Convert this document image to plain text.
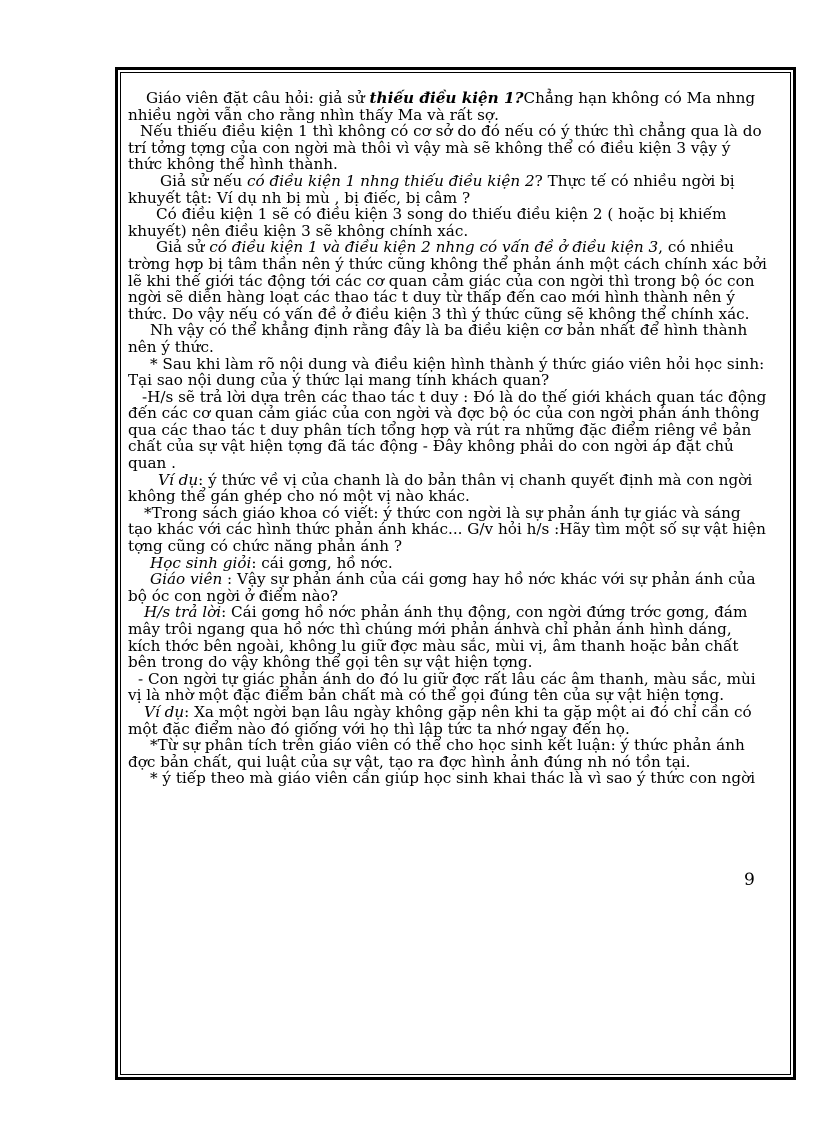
Giáo viên đặt câu hỏi: giả sử thiếu điều kiện 1?Chẳng hạn không có Ma nhng nhiều ngời vẫn cho rằng nhìn thấy Ma và rất sợ.

Nếu thiếu điều kiện 1 thì không có cơ sở do đó nếu có ý thức thì chẳng qua là do trí tởng tợng của con ngời mà thôi vì vậy mà sẽ không thể có điều kiện 3 vậy ý thức không thể hình thành.

Giả sử nếu có điều kiện 1 nhng thiếu điều kiện 2? Thực tế có nhiều ngời bị khuyết tật: Ví dụ nh bị mù , bị điếc, bị câm ?

Có điều kiện 1 sẽ có điều kiện 3 song do thiếu điều kiện 2 ( hoặc bị khiếm khuyết) nên điều kiện 3 sẽ không chính xác.

Giả sử có điều kiện 1 và điều kiện 2 nhng có vấn đề ở điều kiện 3, có nhiều trờng hợp bị tâm thần nên ý thức cũng không thể phản ánh một cách chính xác bởi lẽ khi thế giới tác động tới các cơ quan cảm giác của con ngời thì trong bộ óc con ngời sẽ diễn hàng loạt các thao tác t duy từ thấp đến cao mới hình thành nên ý thức. Do vậy nếu có vấn đề ở điều kiện 3 thì ý thức cũng sẽ không thể chính xác.

Nh vậy có thể khẳng định rằng đây là ba điều kiện cơ bản nhất để hình thành nên ý thức.

* Sau khi làm rõ nội dung và điều kiện hình thành ý thức giáo viên hỏi học sinh: Tại sao nội dung của ý thức lại mang tính khách quan?

-H/s sẽ trả lời dựa trên các thao tác t duy : Đó là do thế giới khách quan tác động đến các cơ quan cảm giác của con ngời và đợc bộ óc của con ngời phản ánh thông qua các thao tác t duy phân tích tổng hợp và rút ra những đặc điểm riêng về bản chất của sự vật hiện tợng đã tác động - Đây không phải do con ngời áp đặt chủ quan .

Ví dụ: ý thức về vị của chanh là do bản thân vị chanh quyết định mà con ngời không thể gán ghép cho nó một vị nào khác.

*Trong sách giáo khoa có viết: ý thức con ngời là sự phản ánh tự giác và sáng tạo khác với các hình thức phản ánh khác... G/v hỏi h/s :Hãy tìm một số sự vật hiện tợng cũng có chức năng phản ánh ?

Học sinh giỏi: cái gơng, hồ nớc.

Giáo viên : Vậy sự phản ánh của cái gơng hay hồ nớc khác với sự phản ánh của bộ óc con ngời ở điểm nào?

H/s trả lời: Cái gơng hồ nớc phản ánh thụ động, con ngời đứng trớc gơng, đám mây trôi ngang qua hồ nớc thì chúng mới phản ánhvà chỉ phản ánh hình dáng, kích thớc bên ngoài, không lu giữ đợc màu sắc, mùi vị, âm thanh hoặc bản chất bên trong do vậy không thể gọi tên sự vật hiện tợng.

- Con ngời tự giác phản ánh do đó lu giữ đợc rất lâu các âm thanh, màu sắc, mùi vị là nhờ một đặc điểm bản chất mà có thể gọi đúng tên của sự vật hiện tợng.

Ví dụ: Xa một ngời bạn lâu ngày không gặp nên khi ta gặp một ai đó chỉ cần có một đặc điểm nào đó giống với họ thì lập tức ta nhớ ngay đến họ.

*Từ sự phân tích trên giáo viên có thể cho học sinh kết luận: ý thức phản ánh đợc bản chất, qui luật của sự vật, tạo ra đợc hình ảnh đúng nh nó tồn tại.

* ý tiếp theo mà giáo viên cần giúp học sinh khai thác là vì sao ý thức con ngời

9
